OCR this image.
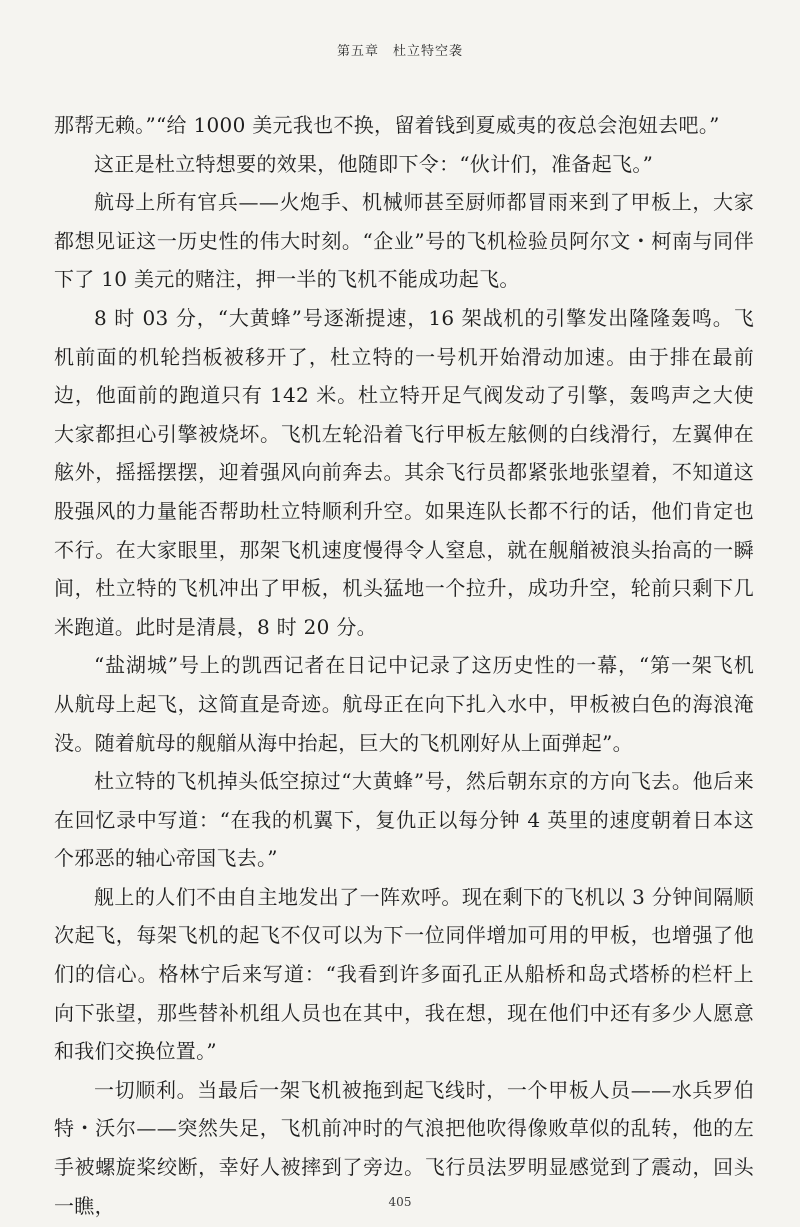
第五章　杜立特空袭

那帮无赖。”“给 1000 美元我也不换，留着钱到夏威夷的夜总会泡妞去吧。”

这正是杜立特想要的效果，他随即下令：“伙计们，准备起飞。”

航母上所有官兵——火炮手、机械师甚至厨师都冒雨来到了甲板上，大家都想见证这一历史性的伟大时刻。“企业”号的飞机检验员阿尔文・柯南与同伴下了 10 美元的赌注，押一半的飞机不能成功起飞。

8 时 03 分，“大黄蜂”号逐渐提速，16 架战机的引擎发出隆隆轰鸣。飞机前面的机轮挡板被移开了，杜立特的一号机开始滑动加速。由于排在最前边，他面前的跑道只有 142 米。杜立特开足气阀发动了引擎，轰鸣声之大使大家都担心引擎被烧坏。飞机左轮沿着飞行甲板左舷侧的白线滑行，左翼伸在舷外，摇摇摆摆，迎着强风向前奔去。其余飞行员都紧张地张望着，不知道这股强风的力量能否帮助杜立特顺利升空。如果连队长都不行的话，他们肯定也不行。在大家眼里，那架飞机速度慢得令人窒息，就在舰艏被浪头抬高的一瞬间，杜立特的飞机冲出了甲板，机头猛地一个拉升，成功升空，轮前只剩下几米跑道。此时是清晨，8 时 20 分。

“盐湖城”号上的凯西记者在日记中记录了这历史性的一幕，“第一架飞机从航母上起飞，这简直是奇迹。航母正在向下扎入水中，甲板被白色的海浪淹没。随着航母的舰艏从海中抬起，巨大的飞机刚好从上面弹起”。

杜立特的飞机掉头低空掠过“大黄蜂”号，然后朝东京的方向飞去。他后来在回忆录中写道：“在我的机翼下，复仇正以每分钟 4 英里的速度朝着日本这个邪恶的轴心帝国飞去。”

舰上的人们不由自主地发出了一阵欢呼。现在剩下的飞机以 3 分钟间隔顺次起飞，每架飞机的起飞不仅可以为下一位同伴增加可用的甲板，也增强了他们的信心。格林宁后来写道：“我看到许多面孔正从船桥和岛式塔桥的栏杆上向下张望，那些替补机组人员也在其中，我在想，现在他们中还有多少人愿意和我们交换位置。”

一切顺利。当最后一架飞机被拖到起飞线时，一个甲板人员——水兵罗伯特・沃尔——突然失足，飞机前冲时的气浪把他吹得像败草似的乱转，他的左手被螺旋桨绞断，幸好人被摔到了旁边。飞行员法罗明显感觉到了震动，回头一瞧，	405
